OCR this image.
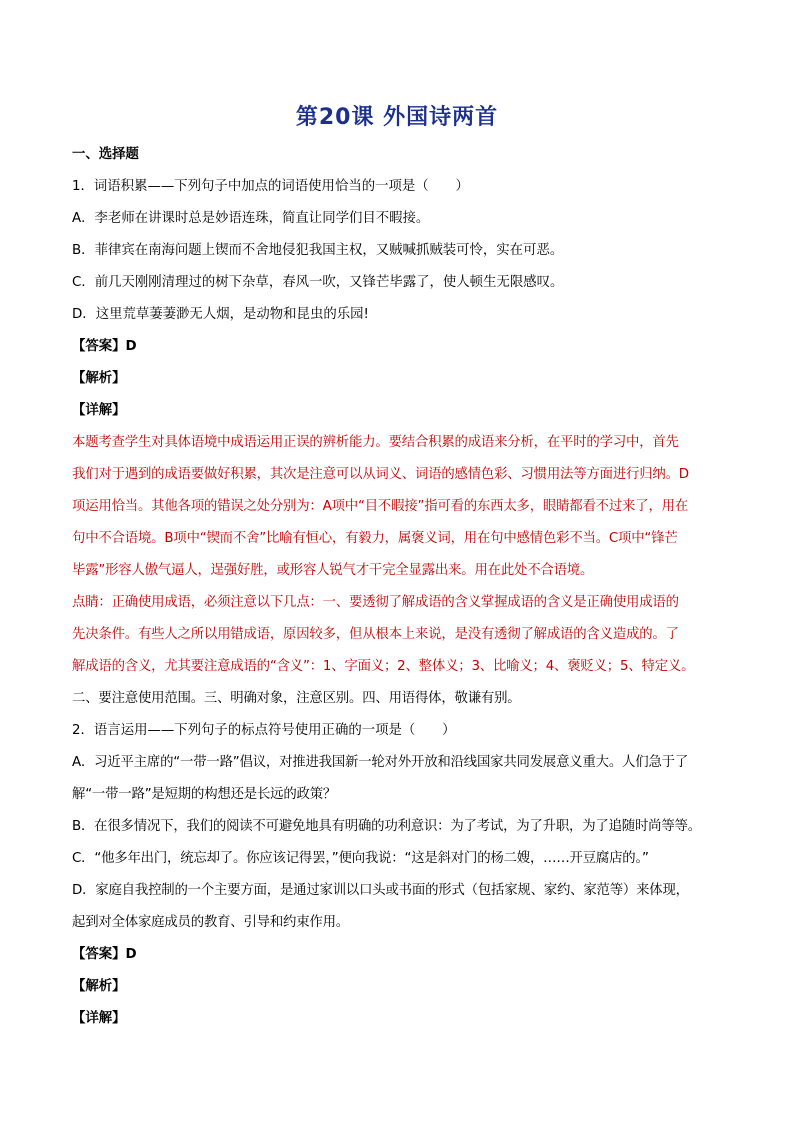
第20课 外国诗两首
一、选择题
1．词语积累——下列句子中加点的词语使用恰当的一项是（　　）
A．李老师在讲课时总是妙语连珠，简直让同学们目不暇接。
B．菲律宾在南海问题上锲而不舍地侵犯我国主权，又贼喊抓贼装可怜，实在可恶。
C．前几天刚刚清理过的树下杂草，春风一吹，又锋芒毕露了，使人顿生无限感叹。
D．这里荒草萋萋渺无人烟，是动物和昆虫的乐园!
【答案】D
【解析】
【详解】
本题考查学生对具体语境中成语运用正误的辨析能力。要结合积累的成语来分析，在平时的学习中，首先
我们对于遇到的成语要做好积累，其次是注意可以从词义、词语的感情色彩、习惯用法等方面进行归纳。D
项运用恰当。其他各项的错误之处分别为：A项中“目不暇接”指可看的东西太多，眼睛都看不过来了，用在
句中不合语境。B项中“锲而不舍”比喻有恒心，有毅力，属褒义词，用在句中感情色彩不当。C项中“锋芒
毕露”形容人傲气逼人，逞强好胜，或形容人锐气才干完全显露出来。用在此处不合语境。
点睛：正确使用成语，必须注意以下几点：一、要透彻了解成语的含义掌握成语的含义是正确使用成语的
先决条件。有些人之所以用错成语，原因较多，但从根本上来说，是没有透彻了解成语的含义造成的。了
解成语的含义，尤其要注意成语的“含义”：1、字面义；2、整体义；3、比喻义；4、褒贬义；5、特定义。
二、要注意使用范围。三、明确对象，注意区别。四、用语得体，敬谦有别。
2．语言运用——下列句子的标点符号使用正确的一项是（　　）
A．习近平主席的“一带一路”倡议，对推进我国新一轮对外开放和沿线国家共同发展意义重大。人们急于了
解“一带一路”是短期的构想还是长远的政策？
B．在很多情况下，我们的阅读不可避免地具有明确的功利意识：为了考试，为了升职，为了追随时尚等等。
C．“他多年出门，统忘却了。你应该记得罢，”便向我说：“这是斜对门的杨二嫂，……开豆腐店的。”
D．家庭自我控制的一个主要方面，是通过家训以口头或书面的形式（包括家规、家约、家范等）来体现，
起到对全体家庭成员的教育、引导和约束作用。
【答案】D
【解析】
【详解】
